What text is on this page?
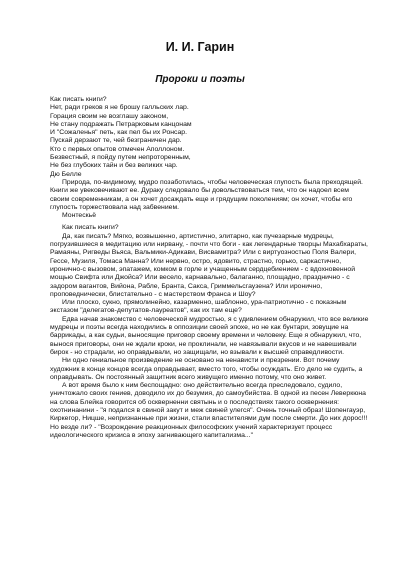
И. И. Гарин
Пророки и поэты

Как писать книги?

Нет, ради греков я не брошу галльских лар.

Горация своим не возглашу законом,

Не стану подражать Петрарковым канцонам

И "Сожаленья" петь, как пел бы их Ронсар.

Пускай дерзают те, чей безграничен дар.

Кто с первых опытов отмечен Аполлоном.

Безвестный, я пойду путем непроторенным,

Не без глубоких тайн и без великих чар.

Дю Белле

Природа, по-видимому, мудро позаботилась, чтобы человеческая глупость была преходящей. Книги же увековечивают ее. Дураку следовало бы довольствоваться тем, что он надоел всем своим современникам, а он хочет досаждать еще и грядущим поколениям; он хочет, чтобы его глупость торжествовала над забвением.

Монтескьё

Как писать книги?

Да, как писать? Мягко, возвышенно, артистично, элитарно, как пучезарные мудрецы, погрузившиеся в медитацию или нирвану, - почти что боги - как легендарные творцы Махабхараты, Рамаяны, Ригведы Вьяса, Вальмики-Адикави, Висвамитра? Или с виртуозностью Поля Валери, Гессе, Музиля, Томаса Манна? Или нервно, остро, ядовито, страстно, горько, саркастично, иронично-с вызовом, эпатажем, комком в горле и учащенным сердцебиением - с вдохновенной мощью Свифта или Джойса? Или весело, карнавально, балаганно, площадно, праздничнo - с задором вагантов, Вийона, Рабле, Бранта, Сакса, Гриммельсгаузена? Или иронично, проповеднически, блистательно - с мастерством Франса и Шоу?

Или плоско, сукно, прямолинейно, казарменно, шаблонно, ура-патриотично - с показным экстазом "делегатов-депутатов-лауреатов", как их там еще?

Едва начав знакомство с человеческой мудростью, я с удивлением обнаружил, что все великие мудрецы и поэты всегда находились в оппозиции своей эпохе, но не как бунтари, зовущие на баррикады, а как судьи, выносящие приговор своему времени и человеку. Еще я обнаружил, что, вынося приговоры, они не ждали кроки, не проклинали, не навязывали вкусов и не навешивали бирок - но страдали, но оправдывали, но защищали, но взывали к высшей справедливости.

Ни одно гениальное произведение не основано на ненависти и презрении. Вот почему художник в конце концов всегда оправдывает, вместо того, чтобы осуждать. Его дело не судить, а оправдывать. Он постоянный защитник всего живущего именно потому, что оно живет.

А вот время было к ним беспощадно: оно действительно всегда преследовало, судило, уничтожало своих гениев, доводило их до безумия, до самоубийства. В одной из песен Леверкюна на слова Блейка говорится об оскверненни святынь и о последствиях такого осквернения: охотнинанини - "я подался в свиной закут и меж свиней улегся". Очень точный образ! Шопенгауэр, Киркегор, Ницше, непризнанные при жизни, стали властителями дум после смерти. До них дорос!!! Но везде ли? - "Возрождение реакционных философских учений характеризует процесс идеологического кризиса в эпоху загнивающего капитализма..."
